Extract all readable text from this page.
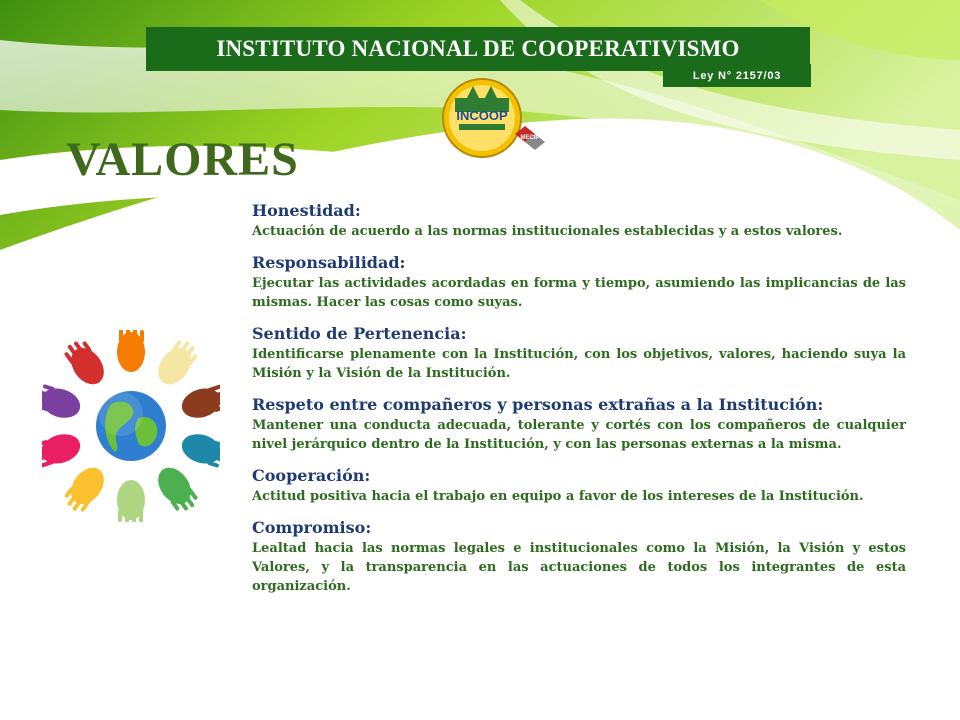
INSTITUTO NACIONAL DE COOPERATIVISMO
Ley N° 2157/03
INCOOP
MECIP
VALORES
Honestidad:
Actuación de acuerdo a las normas institucionales establecidas y a estos valores.
Responsabilidad:
Ejecutar las actividades acordadas en forma y tiempo, asumiendo las implicancias de las mismas. Hacer las cosas como suyas.
Sentido de Pertenencia:
Identificarse plenamente con la Institución, con los objetivos, valores, haciendo suya la Misión y la Visión de la Institución.
Respeto entre compañeros y personas extrañas a la Institución:
Mantener una conducta adecuada, tolerante y cortés con los compañeros de cualquier nivel jerárquico dentro de la Institución, y con las personas externas a la misma.
Cooperación:
Actitud positiva hacia el trabajo en equipo a favor de los intereses de la Institución.
Compromiso:
Lealtad hacia las normas legales e institucionales como la Misión, la Visión y estos Valores, y la transparencia en las actuaciones de todos los integrantes de esta organización.
